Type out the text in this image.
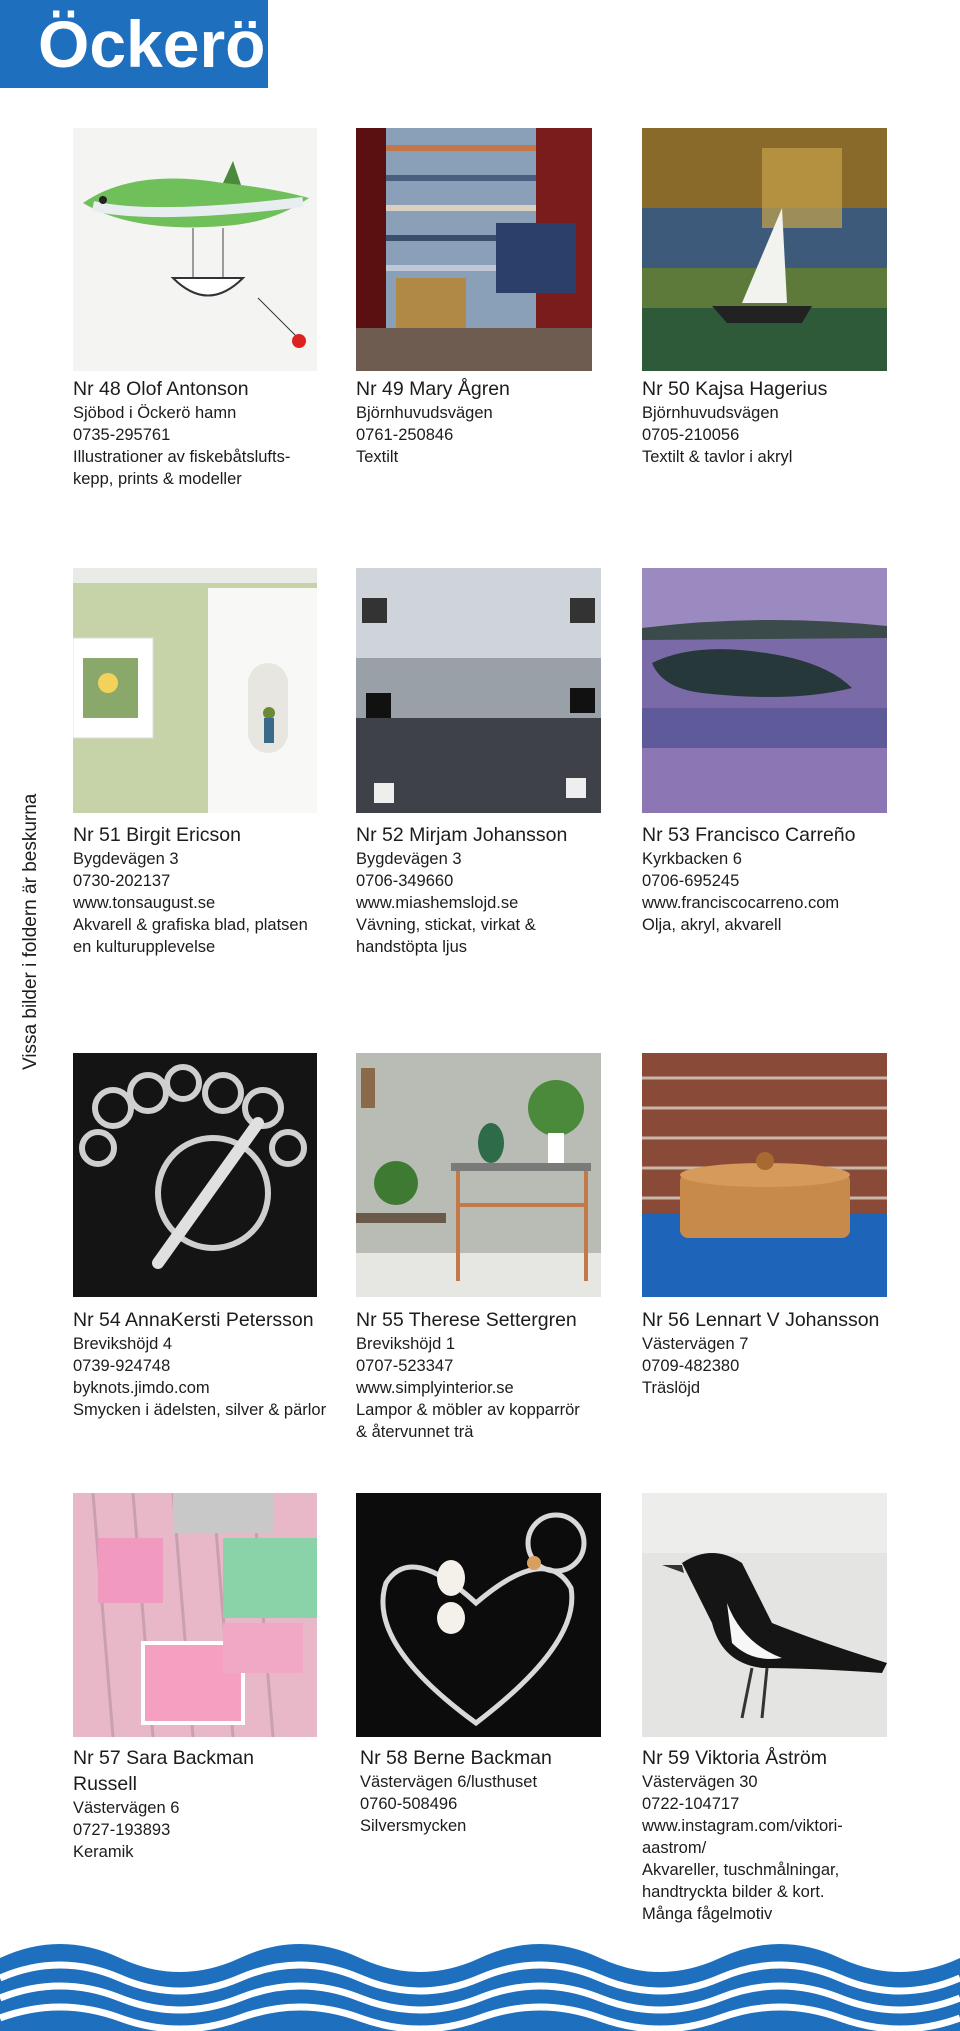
Öckerö
Vissa bilder i foldern är beskurna
Nr 48 Olof Antonson
Sjöbod i Öckerö hamn
0735-295761
Illustrationer av fiskebåtslufts-
kepp, prints & modeller
Nr 49 Mary Ågren
Björnhuvudsvägen
0761-250846
Textilt
Nr 50 Kajsa Hagerius
Björnhuvudsvägen
0705-210056
Textilt & tavlor i akryl
Nr 51 Birgit Ericson
Bygdevägen 3
0730-202137
www.tonsaugust.se
Akvarell & grafiska blad, platsen
en kulturupplevelse
Nr 52 Mirjam Johansson
Bygdevägen 3
0706-349660
www.miashemslojd.se
Vävning, stickat, virkat &
handstöpta ljus
Nr 53 Francisco Carreño
Kyrkbacken 6
0706-695245
www.franciscocarreno.com
Olja, akryl, akvarell
Nr 54 AnnaKersti Petersson
Brevikshöjd 4
0739-924748
byknots.jimdo.com
Smycken i ädelsten, silver & pärlor
Nr 55 Therese Settergren
Brevikshöjd 1
0707-523347
www.simplyinterior.se
Lampor & möbler av kopparrör
& återvunnet trä
Nr 56 Lennart V Johansson
Västervägen 7
0709-482380
Träslöjd
Nr 57 Sara Backman
Russell
Västervägen 6
0727-193893
Keramik
Nr 58 Berne Backman
Västervägen 6/lusthuset
0760-508496
Silversmycken
Nr 59 Viktoria Åström
Västervägen 30
0722-104717
www.instagram.com/viktori-
aastrom/
Akvareller, tuschmålningar,
handtryckta bilder & kort.
Många fågelmotiv
